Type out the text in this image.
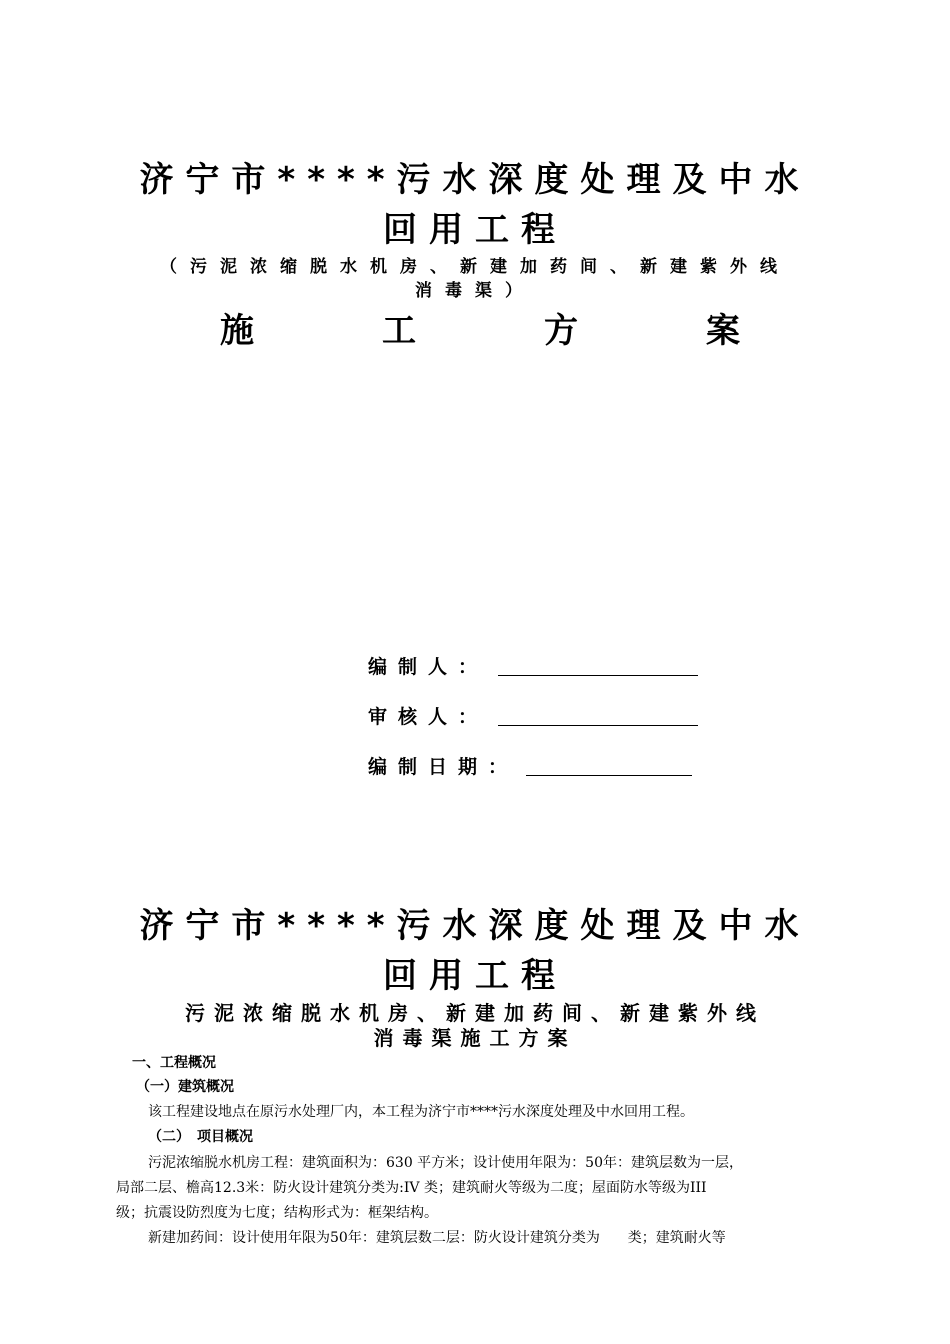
济宁市****污水深度处理及中水
回用工程
（污泥浓缩脱水机房、新建加药间、新建紫外线
消毒渠）
施	工	方	案
编制人：
审核人：
编制日期：
济宁市****污水深度处理及中水
回用工程
污泥浓缩脱水机房、新建加药间、新建紫外线
消毒渠施工方案
一、工程概况
（一）建筑概况
该工程建设地点在原污水处理厂内，本工程为济宁市****污水深度处理及中水回用工程。
（二）　项目概况
污泥浓缩脱水机房工程：建筑面积为：630 平方米；设计使用年限为：50年：建筑层数为一层，
局部二层、檐高12.3米：防火设计建筑分类为:IV 类；建筑耐火等级为二度；屋面防水等级为III
级；抗震设防烈度为七度；结构形式为：框架结构。
新建加药间：设计使用年限为50年：建筑层数二层：防火设计建筑分类为　　类；建筑耐火等
